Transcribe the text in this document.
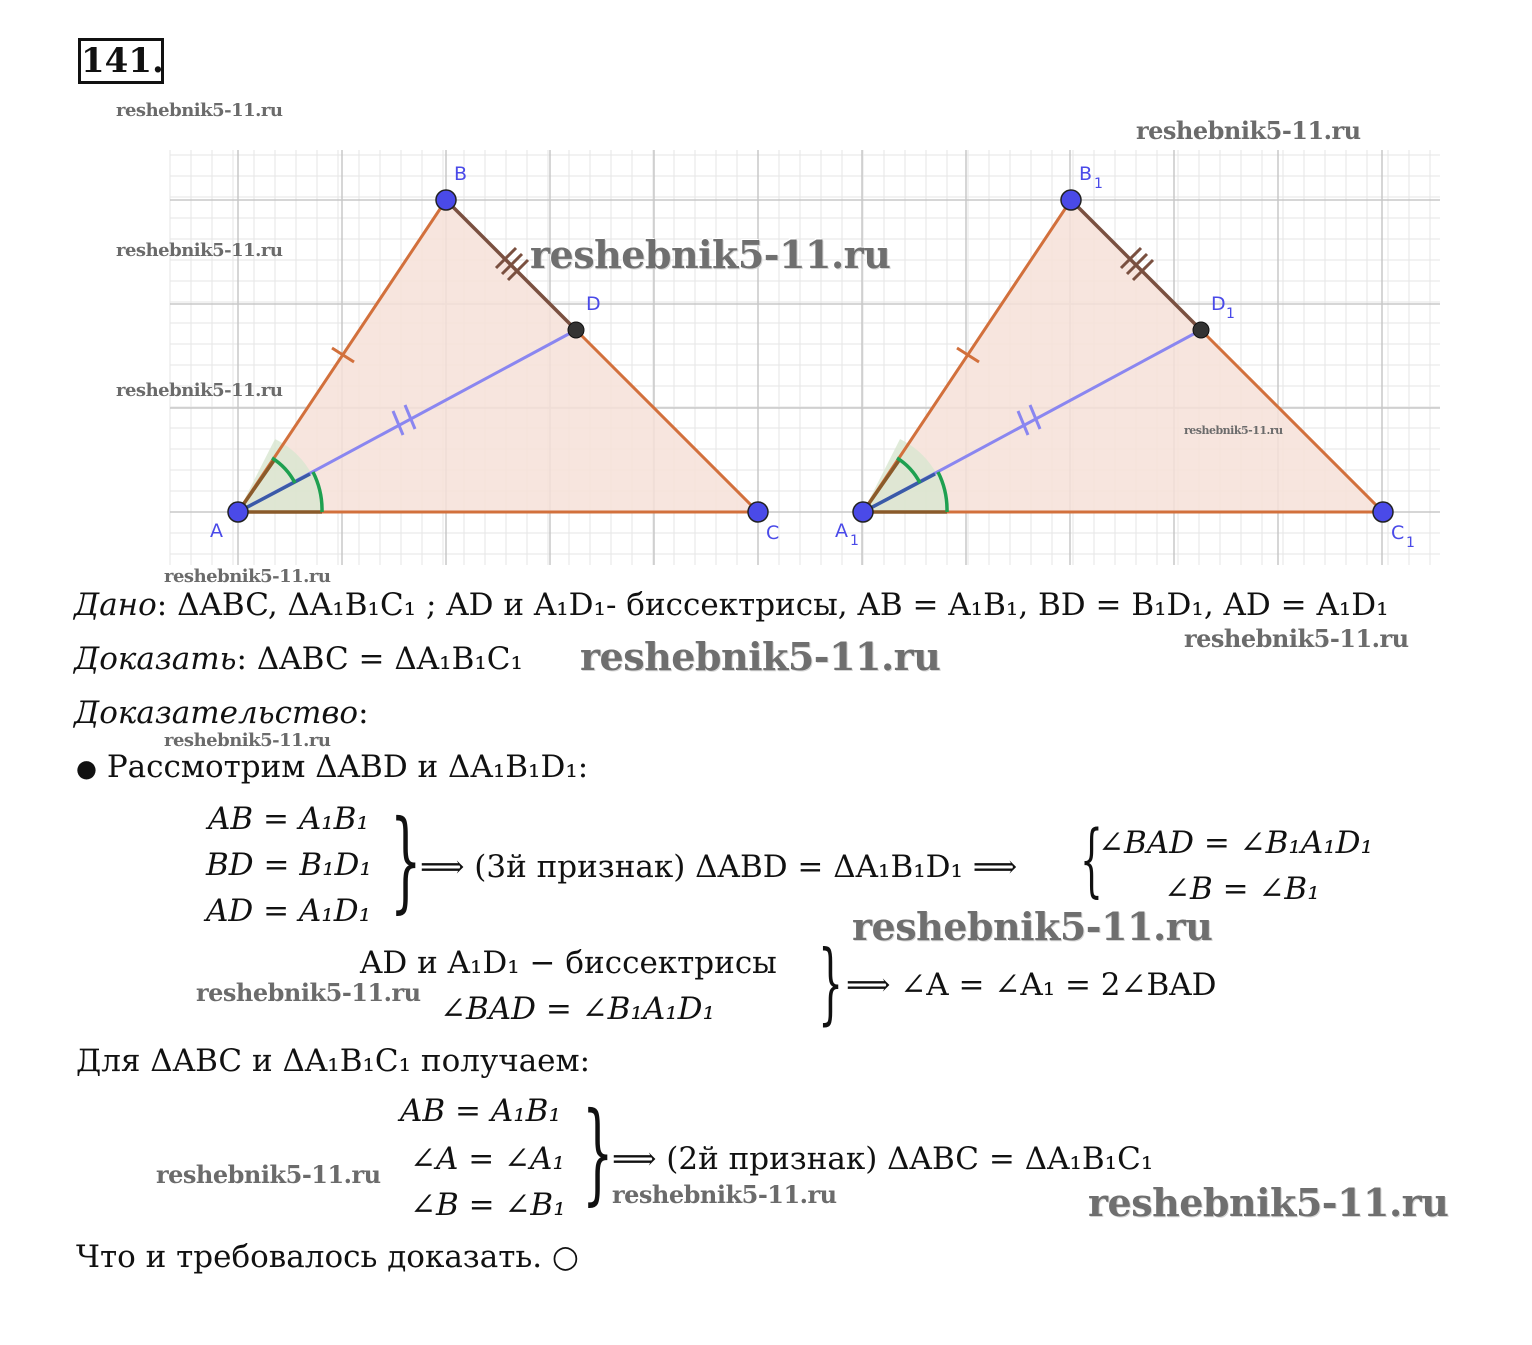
141.
A
B
C
D
A 1
B 1
C 1
D 1
Дано: ΔABC, ΔA₁B₁C₁ ; AD и A₁D₁- биссектрисы, AB = A₁B₁, BD = B₁D₁, AD = A₁D₁
Доказать: ΔABC = ΔA₁B₁C₁
Доказательство:
● Рассмотрим ΔABD и ΔA₁B₁D₁:
AB = A₁B₁
BD = B₁D₁
AD = A₁D₁ }
⟹ (3й признак) ΔABD = ΔA₁B₁D₁ ⟹ {
∠BAD = ∠B₁A₁D₁
∠B = ∠B₁
AD и A₁D₁ − биссектрисы
∠BAD = ∠B₁A₁D₁ } ⟹ ∠A = ∠A₁ = 2∠BAD
Для ΔABC и ΔA₁B₁C₁ получаем:
AB = A₁B₁
∠A = ∠A₁
∠B = ∠B₁ }
⟹ (2й признак) ΔABC = ΔA₁B₁C₁
Что и требовалось доказать. ○
reshebnik5-11.ru
reshebnik5-11.ru
reshebnik5-11.ru	reshebnik5-11.ru
reshebnik5-11.ru
reshebnik5-11.ru
reshebnik5-11.ru
reshebnik5-11.ru
reshebnik5-11.ru
reshebnik5-11.ru
reshebnik5-11.ru
reshebnik5-11.ru
reshebnik5-11.ru
reshebnik5-11.ru	reshebnik5-11.ru
